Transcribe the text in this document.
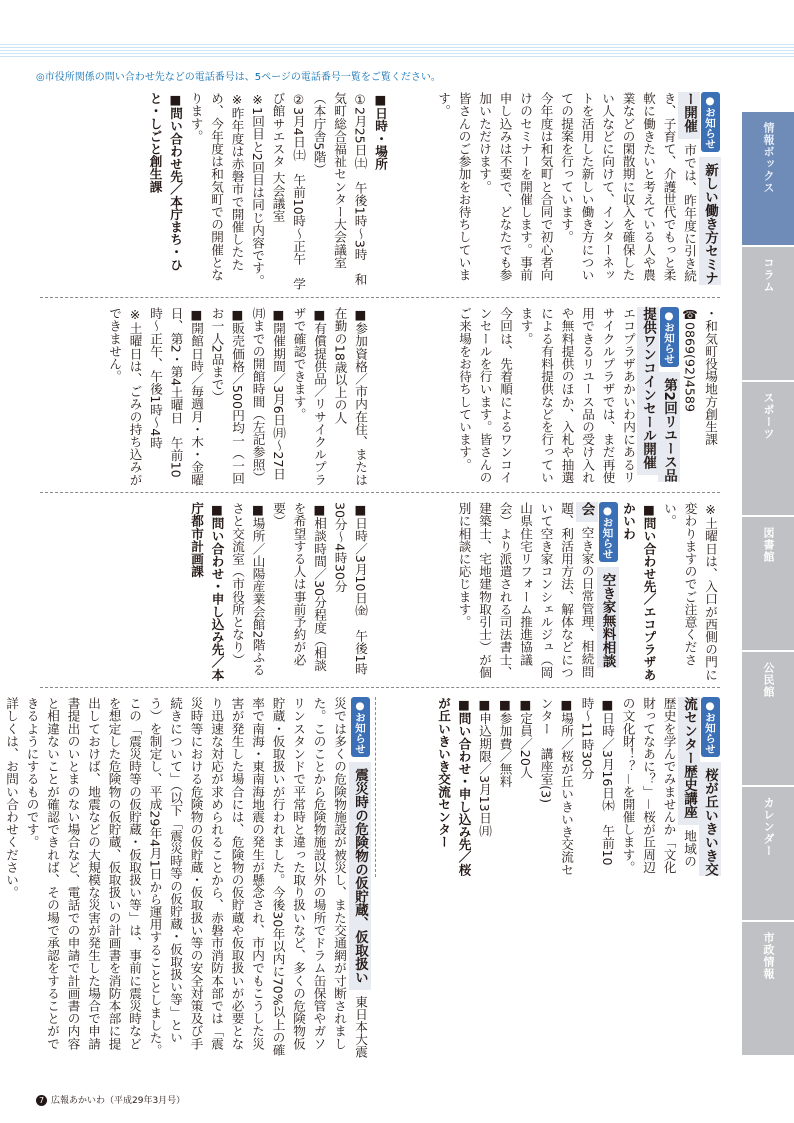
◎市役所関係の問い合わせ先などの電話番号は、5ページの電話番号一覧をご覧ください。
情報ボックス
コラム
スポーツ
図書館
公民館
カレンダー
市政情報
●お知らせ 新しい働き方セミナー開催 市では、昨年度に引き続き、子育て、介護世代でもっと柔軟に働きたいと考えている人や農業などの閑散期に収入を確保したい人などに向けて、インターネットを活用した新しい働き方についての提案を行っています。
今年度は和気町と合同で初心者向けのセミナーを開催します。事前申し込みは不要で、どなたでも参加いただけます。
皆さんのご参加をお待ちしています。
■日時・場所
①2月25日㈯　午後1時～3時　和気町総合福祉センター大会議室（本庁舎5階）
②3月4日㈯　午前10時～正午　学び館サエスタ 大会議室
※1回目と2回目は同じ内容です。
※昨年度は赤磐市で開催したため、今年度は和気町での開催となります。
■問い合わせ先／本庁まち・ひと・しごと創生課
・和気町役場地方創生課　☎0869(92)4589
●お知らせ 第2回リユース品提供ワンコインセール開催 エコプラザあかいわ内にあるリサイクルプラザでは、まだ再使用できるリユース品の受け入れや無料提供のほか、入札や抽選による有料提供などを行っています。
今回は、先着順によるワンコインセールを行います。皆さんのご来場をお待ちしています。
■参加資格／市内在住、または在勤の18歳以上の人
■有償提供品／リサイクルプラザで確認できます。
■開催期間／3月6日㈪～27日㈪までの開館時間（左記参照）
■販売価格／500円均一（一回お一人2品まで）
■開館日時／毎週月・木・金曜日、第2・第4土曜日　午前10時～正午、午後1時～4時
※土曜日は、ごみの持ち込みができません。
※土曜日は、入口が西側の門に変わりますのでご注意ください。
■問い合わせ先／エコプラザあかいわ
●お知らせ 空き家無料相談会 空き家の日常管理、相続問題、利活用方法、解体などについて空き家コンシェルジュ（岡山県住宅リフォーム推進協議会）より派遣される司法書士、建築士、宅地建物取引士）が個別に相談に応じます。
■日時／3月10日㈮　午後1時30分～4時30分
■相談時間／30分程度（相談を希望する人は事前予約が必要）
■場所／山陽産業会館2階ふるさと交流室（市役所となり）
■問い合わせ・申し込み先／本庁都市計画課
●お知らせ 桜が丘いきいき交流センター歴史講座 地域の歴史を学んでみませんか「文化財ってなあに？」－桜が丘周辺の文化財！？－を開催します。
■日時／3月16日㈭　午前10時～11時30分
■場所／桜が丘いきいき交流センター　講座室(3)
■定員／20人
■参加費／無料
■申込期限／3月13日㈪
■問い合わせ・申し込み先／桜が丘いきいき交流センター
●お知らせ 震災時の危険物の仮貯蔵、仮取扱い 東日本大震災では多くの危険物施設が被災し、また交通網が寸断されました。このことから危険物施設以外の場所でドラム缶保管やガソリンスタンドで平常時と違った取り扱いなど、多くの危険物仮貯蔵・仮取扱いが行われました。今後30年以内に70%以上の確率で南海・東南海地震の発生が懸念され、市内でもこうした災害が発生した場合には、危険物の仮貯蔵や仮取扱いが必要となり迅速な対応が求められることから、赤磐市消防本部では「震災時等における危険物の仮貯蔵・仮取扱い等の安全対策及び手続きについて」（以下「震災時等の仮貯蔵・仮取扱い等」という）を制定し、平成29年4月1日から運用することとしました。
この「震災時等の仮貯蔵・仮取扱い等」は、事前に震災時などを想定した危険物の仮貯蔵、仮取扱いの計画書を消防本部に提出しておけば、地震などの大規模な災害が発生した場合で申請書提出のいとまのない場合など、電話での申請で計画書の内容と相違ないことが確認できれば、その場で承認をすることができるようにするものです。
詳しくは、お問い合わせください。

7 広報あかいわ（平成29年3月号）
